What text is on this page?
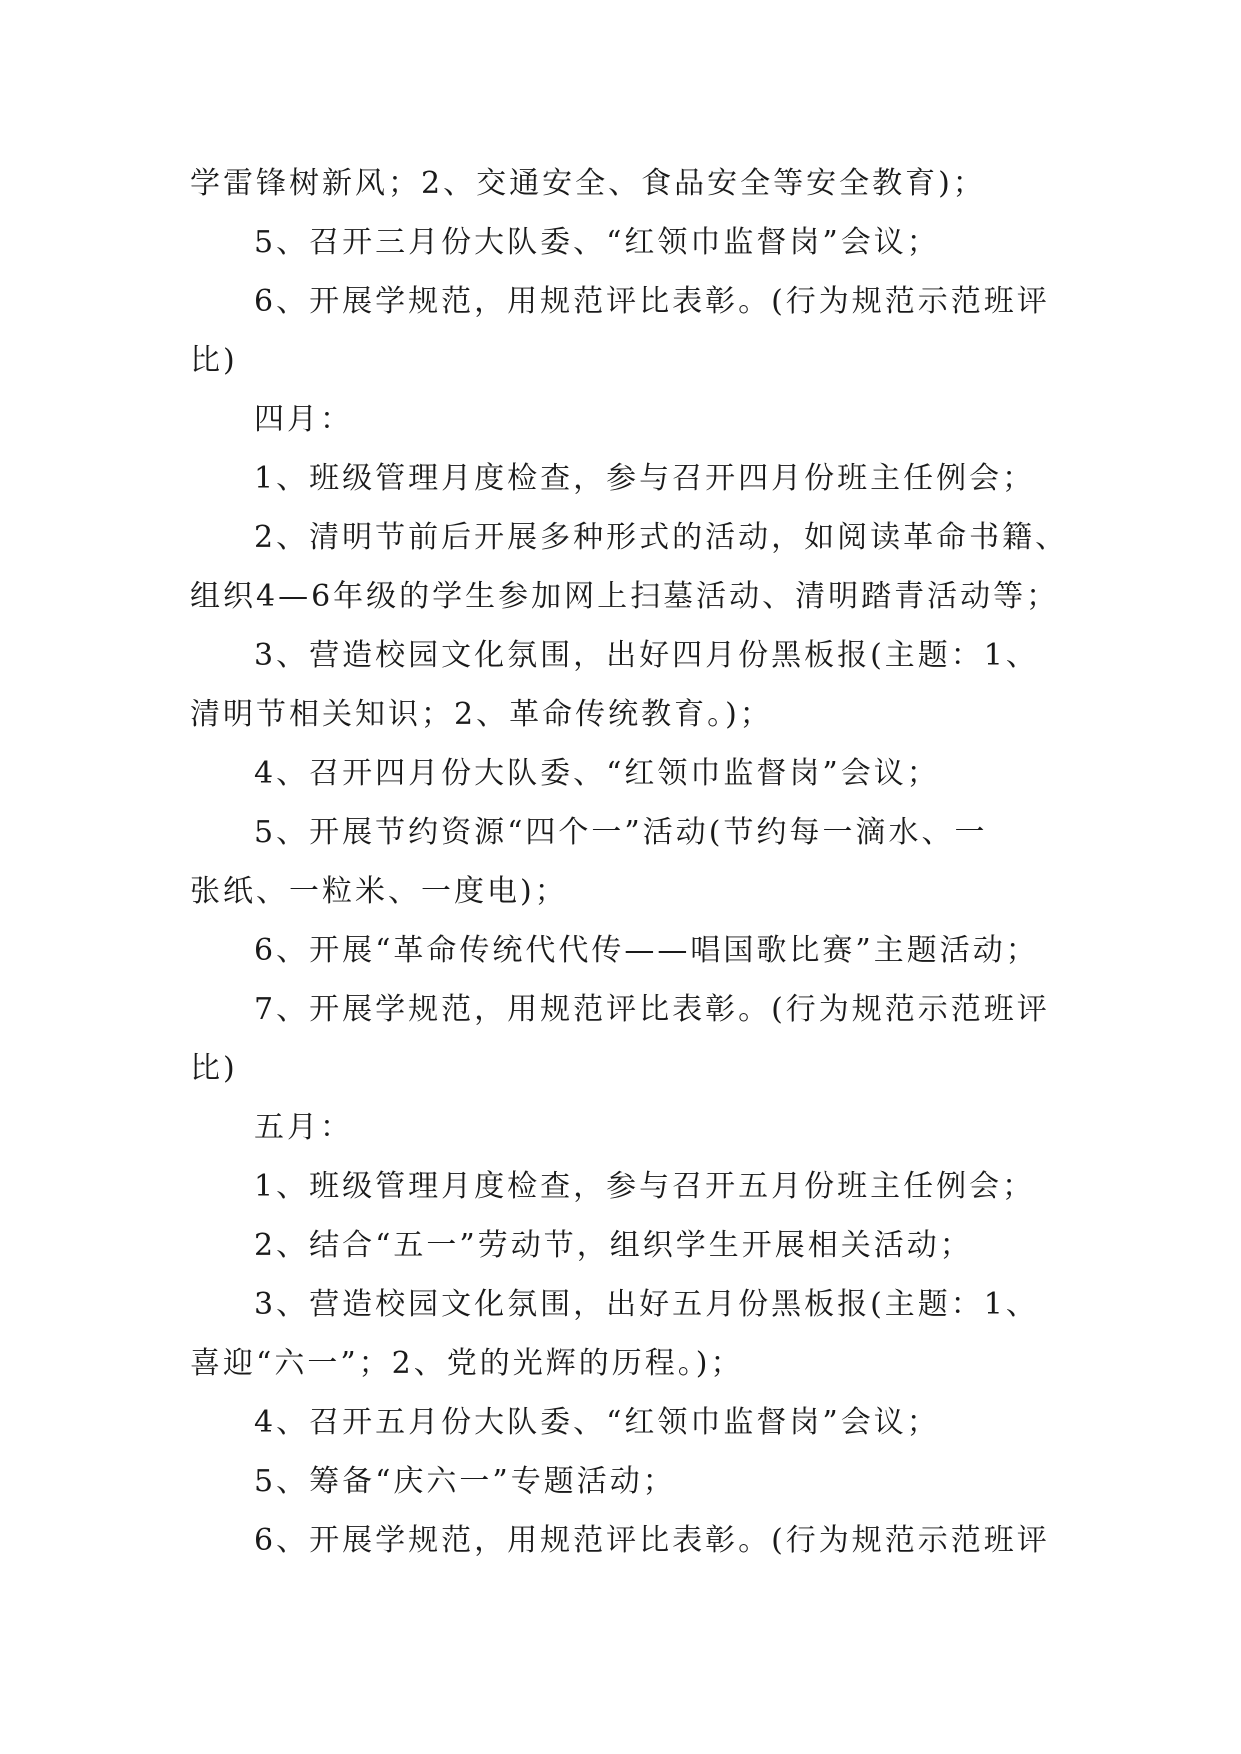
学雷锋树新风；2、交通安全、食品安全等安全教育)；
5、召开三月份大队委、“红领巾监督岗”会议；
6、开展学规范，用规范评比表彰。(行为规范示范班评
比)
四月：
1、班级管理月度检查，参与召开四月份班主任例会；
2、清明节前后开展多种形式的活动，如阅读革命书籍、
组织4—6年级的学生参加网上扫墓活动、清明踏青活动等；
3、营造校园文化氛围，出好四月份黑板报(主题：1、
清明节相关知识；2、革命传统教育。)；
4、召开四月份大队委、“红领巾监督岗”会议；
5、开展节约资源“四个一”活动(节约每一滴水、一
张纸、一粒米、一度电)；
6、开展“革命传统代代传——唱国歌比赛”主题活动；
7、开展学规范，用规范评比表彰。(行为规范示范班评
比)
五月：
1、班级管理月度检查，参与召开五月份班主任例会；
2、结合“五一”劳动节，组织学生开展相关活动；
3、营造校园文化氛围，出好五月份黑板报(主题：1、
喜迎“六一”；2、党的光辉的历程。)；
4、召开五月份大队委、“红领巾监督岗”会议；
5、筹备“庆六一”专题活动；
6、开展学规范，用规范评比表彰。(行为规范示范班评
